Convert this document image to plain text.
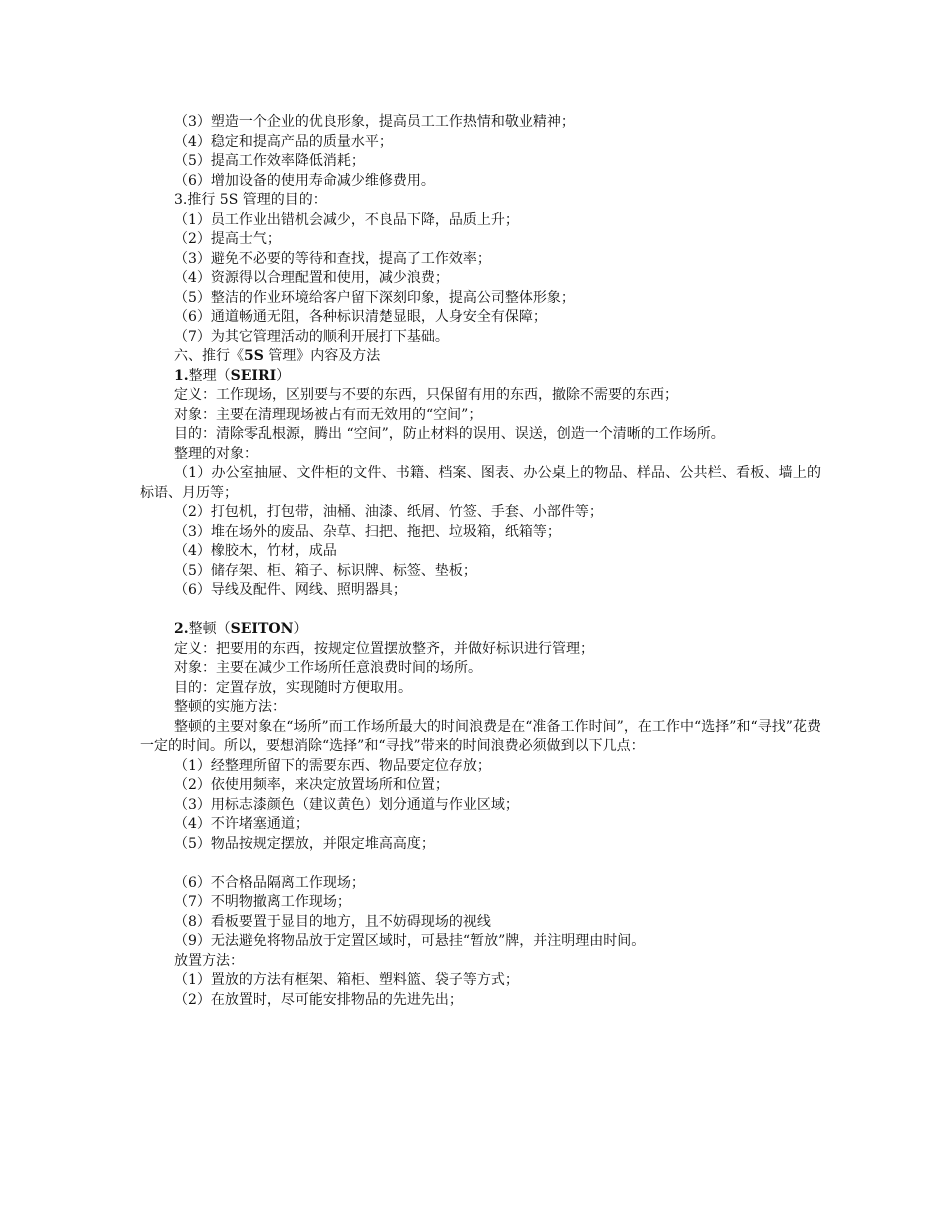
（3）塑造一个企业的优良形象，提高员工工作热情和敬业精神；

（4）稳定和提高产品的质量水平；

（5）提高工作效率降低消耗；

（6）增加设备的使用寿命减少维修费用。

3.推行 5S 管理的目的：

（1）员工作业出错机会减少，不良品下降，品质上升；

（2）提高士气；

（3）避免不必要的等待和查找，提高了工作效率；

（4）资源得以合理配置和使用，减少浪费；

（5）整洁的作业环境给客户留下深刻印象，提高公司整体形象；

（6）通道畅通无阻，各种标识清楚显眼，人身安全有保障；

（7）为其它管理活动的顺利开展打下基础。

六、推行《5S 管理》内容及方法

1.整理（SEIRI）

定义：工作现场，区别要与不要的东西，只保留有用的东西，撤除不需要的东西；

对象：主要在清理现场被占有而无效用的“空间”；

目的：清除零乱根源，腾出 “空间”，防止材料的误用、误送，创造一个清晰的工作场所。

整理的对象：

（1）办公室抽屉、文件柜的文件、书籍、档案、图表、办公桌上的物品、样品、公共栏、看板、墙上的标语、月历等；

（2）打包机，打包带，油桶、油漆、纸屑、竹签、手套、小部件等；

（3）堆在场外的废品、杂草、扫把、拖把、垃圾箱，纸箱等；

（4）橡胶木，竹材，成品

（5）储存架、柜、箱子、标识牌、标签、垫板；

（6）导线及配件、网线、照明器具；

2.整顿（SEITON）

定义：把要用的东西，按规定位置摆放整齐，并做好标识进行管理；

对象：主要在减少工作场所任意浪费时间的场所。

目的：定置存放，实现随时方便取用。

整顿的实施方法：

整顿的主要对象在“场所”而工作场所最大的时间浪费是在“准备工作时间”，在工作中“选择”和“寻找”花费一定的时间。所以，要想消除“选择”和“寻找”带来的时间浪费必须做到以下几点：

（1）经整理所留下的需要东西、物品要定位存放；

（2）依使用频率，来决定放置场所和位置；

（3）用标志漆颜色（建议黄色）划分通道与作业区域；

（4）不许堵塞通道；

（5）物品按规定摆放，并限定堆高高度；

（6）不合格品隔离工作现场；

（7）不明物撤离工作现场；

（8）看板要置于显目的地方，且不妨碍现场的视线

（9）无法避免将物品放于定置区域时，可悬挂“暂放”牌，并注明理由时间。

放置方法：

（1）置放的方法有框架、箱柜、塑料篮、袋子等方式；

（2）在放置时，尽可能安排物品的先进先出；
